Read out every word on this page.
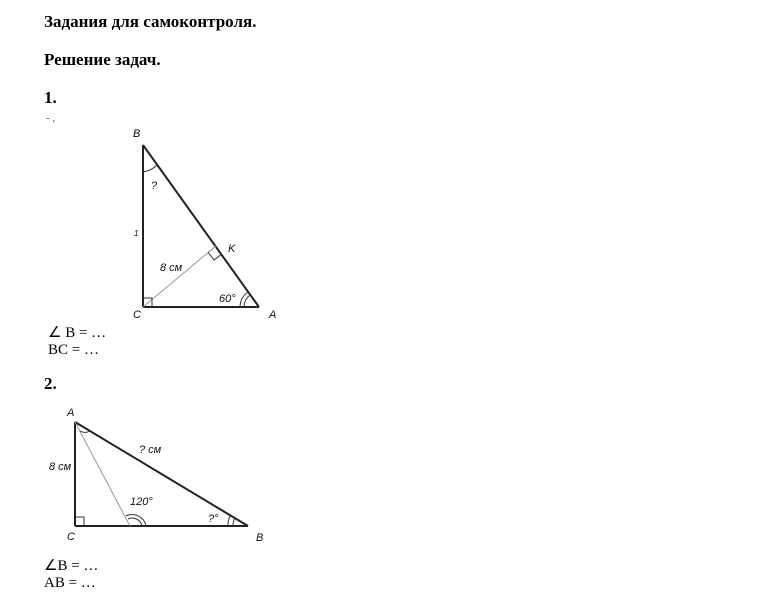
Задания для самоконтроля.
Решение задач.
1.
- ,
B
C	A
K
?
1
8 см
60°
A
C	B
8 см
? см
120°
?°
∠ B = …
BC = …
2.
∠B = …
AB = …
